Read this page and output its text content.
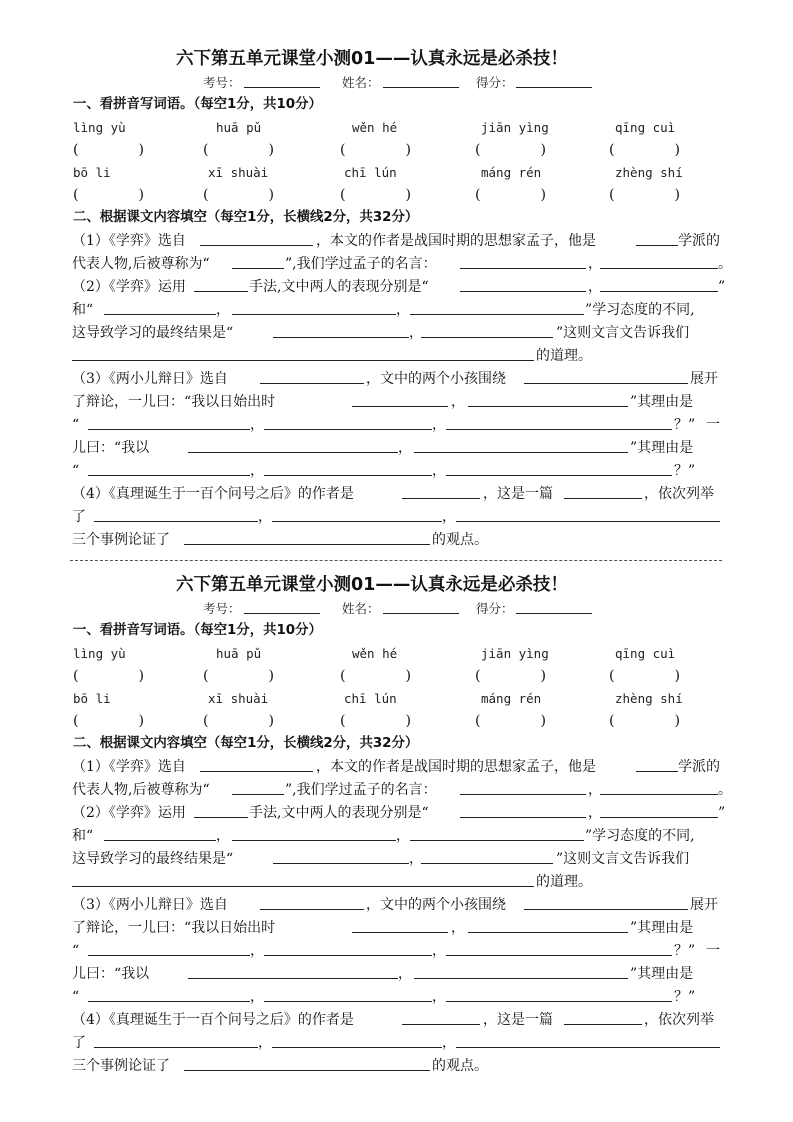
六下第五单元课堂小测01——认真永远是必杀技！
考号：	姓名：	得分：
一、看拼音写词语。（每空1分，共10分）
lìng yù	huā pǔ	wěn hé	jiān yìng	qīng cuì
(	)	(	)	(	)	(	)	(	)
bō li	xī shuài	chī lún	máng rén	zhèng shí
(	)	(	)	(	)	(	)	(	)
二、根据课文内容填空（每空1分，长横线2分，共32分）
（1）《学弈》选自	，本文的作者是战国时期的思想家孟子，他是	学派的
代表人物,后被尊称为“	”,我们学过孟子的名言：	，	。
（2）《学弈》运用	手法,文中两人的表现分别是“	，	”
和“	，	，	”学习态度的不同,
这导致学习的最终结果是“	，	”这则文言文告诉我们
的道理。
（3）《两小儿辩日》选自	，文中的两个小孩围绕	展开
了辩论，一儿曰：“我以日始出时	，	”其理由是
“	，	，	？” 一
儿曰：“我以	，	”其理由是
“	，	，	？”
（4）《真理诞生于一百个问号之后》的作者是	，这是一篇	，依次列举
了	，	，
三个事例论证了	的观点。
六下第五单元课堂小测01——认真永远是必杀技！
考号：	姓名：	得分：
一、看拼音写词语。（每空1分，共10分）
lìng yù	huā pǔ	wěn hé	jiān yìng	qīng cuì
(	)	(	)	(	)	(	)	(	)
bō li	xī shuài	chī lún	máng rén	zhèng shí
(	)	(	)	(	)	(	)	(	)
二、根据课文内容填空（每空1分，长横线2分，共32分）
（1）《学弈》选自	，本文的作者是战国时期的思想家孟子，他是	学派的
代表人物,后被尊称为“	”,我们学过孟子的名言：	，	。
（2）《学弈》运用	手法,文中两人的表现分别是“	，	”
和“	，	，	”学习态度的不同,
这导致学习的最终结果是“	，	”这则文言文告诉我们
的道理。
（3）《两小儿辩日》选自	，文中的两个小孩围绕	展开
了辩论，一儿曰：“我以日始出时	，	”其理由是
“	，	，	？” 一
儿曰：“我以	，	”其理由是
“	，	，	？”
（4）《真理诞生于一百个问号之后》的作者是	，这是一篇	，依次列举
了	，	，
三个事例论证了	的观点。
